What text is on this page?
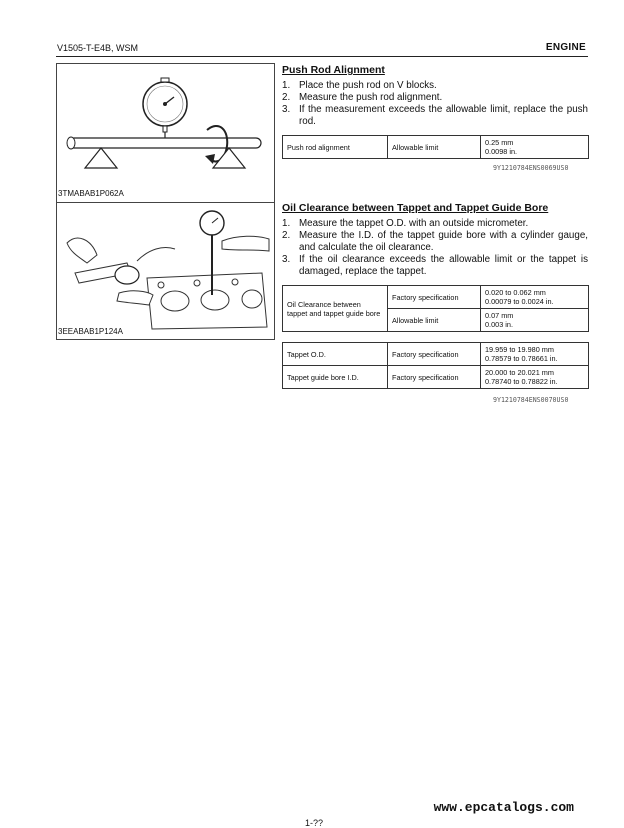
V1505-T-E4B, WSM	ENGINE
3TMABAB1P062A
3EEABAB1P124A
Push Rod Alignment
1. Place the push rod on V blocks.
2. Measure the push rod alignment.
3. If the measurement exceeds the allowable limit, replace the push rod.
Push rod alignment	Allowable limit	0.25 mm
0.0098 in.
9Y1210784ENS0069US0
Oil Clearance between Tappet and Tappet Guide Bore
1. Measure the tappet O.D. with an outside micrometer.
2. Measure the I.D. of the tappet guide bore with a cylinder gauge, and calculate the oil clearance.
3. If the oil clearance exceeds the allowable limit or the tappet is damaged, replace the tappet.
Oil Clearance between tappet and tappet guide bore	Factory specification	0.020 to 0.062 mm
0.00079 to 0.0024 in.

	Allowable limit	0.07 mm
0.003 in.
Tappet O.D.	Factory specification	19.959 to 19.980 mm
0.78579 to 0.78661 in.

Tappet guide bore I.D.	Factory specification	20.000 to 20.021 mm
0.78740 to 0.78822 in.
9Y1210784ENS0070US0
www.epcatalogs.com
1-??
